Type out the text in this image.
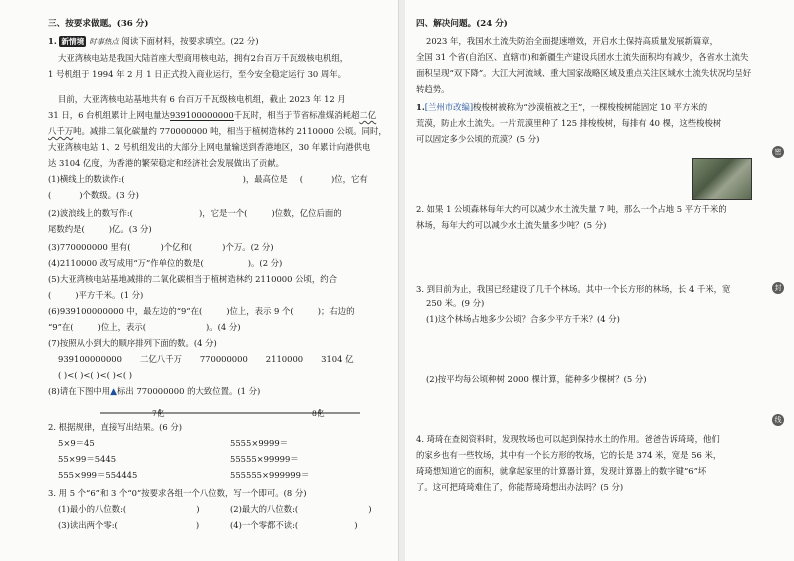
三、按要求做题。(36 分)
1. 新情境 时事热点 阅读下面材料，按要求填空。(22 分)
大亚湾核电站是我国大陆首座大型商用核电站，拥有2台百万千瓦级核电机组，
1 号机组于 1994 年 2 月 1 日正式投入商业运行，至今安全稳定运行 30 周年。
目前，大亚湾核电站基地共有 6 台百万千瓦级核电机组，截止 2023 年 12 月
31 日，6 台机组累计上网电量达939100000000千瓦时，相当于节省标准煤消耗超二亿
八千万吨。减排二氧化碳量约 770000000 吨，相当于植树造林约 2110000 公顷。同时，
大亚湾核电站 1、2 号机组发出的大部分上网电量输送到香港地区，30 年累计向港供电
达 3104 亿度，为香港的繁荣稳定和经济社会发展做出了贡献。
(1)横线上的数读作:(	)，最高位是 (	)位，它有
(	)个数级。(3 分)
(2)波浪线上的数写作:(	)，它是一个(	)位数，亿位后面的
尾数约是(	)亿。(3 分)
(3)770000000 里有(	)个亿和(	)个万。(2 分)
(4)2110000 改写成用“万”作单位的数是(	)。(2 分)
(5)大亚湾核电站基地减排的二氧化碳相当于植树造林约 2110000 公顷，约合
(	)平方千米。(1 分)
(6)939100000000 中，最左边的“9”在(	)位上，表示 9 个(	)；右边的
“9”在(	)位上，表示(	)。(4 分)
(7)按照从小到大的顺序排列下面的数。(4 分)
939100000000 二亿八千万 770000000 2110000 3104 亿
( )<( )<( )<( )<( )
(8)请在下图中用▲标出 770000000 的大致位置。(1 分)
7亿	8亿
2. 根据规律，直接写出结果。(6 分)
5×9＝45	5555×9999＝
55×99＝5445	55555×99999＝
555×999＝554445	555555×999999＝
3. 用 5 个“6”和 3 个“0”按要求各组一个八位数，写一个即可。(8 分)
(1)最小的八位数:(	)	(2)最大的八位数:(	)
(3)读出两个零:(	)	(4)一个零都不读:(	)
四、解决问题。(24 分)
2023 年，我国水土流失防治全面提速增效，开启水土保持高质量发展新篇章，
全国 31 个省(自治区、直辖市)和新疆生产建设兵团水土流失面积均有减少，各省水土流失
面积呈现“双下降”。大江大河流域、重大国家战略区域及重点关注区域水土流失状况均呈好
转趋势。
1.[兰州市改编]梭梭树被称为“沙漠植被之王”，一棵梭梭树能固定 10 平方米的
荒漠，防止水土流失。一片荒漠里种了 125 排梭梭树，每排有 40 棵，这些梭梭树
可以固定多少公顷的荒漠？(5 分)
2. 如果 1 公顷森林每年大约可以减少水土流失量 7 吨，那么一个占地 5 平方千米的
林场，每年大约可以减少水土流失量多少吨？(5 分)
3. 到目前为止，我国已经建设了几千个林场。其中一个长方形的林场，长 4 千米，宽
250 米。(9 分)
(1)这个林场占地多少公顷？合多少平方千米？(4 分)
(2)按平均每公顷种树 2000 棵计算，能种多少棵树？(5 分)
4. 琦琦在查阅资料时，发现牧场也可以起到保持水土的作用。爸爸告诉琦琦，他们
的家乡也有一些牧场，其中有一个长方形的牧场，它的长是 374 米，宽是 56 米，
琦琦想知道它的面积，就拿起家里的计算器计算，发现计算器上的数字键“6”坏
了。这可把琦琦难住了，你能帮琦琦想出办法吗？(5 分)
密
封
线
